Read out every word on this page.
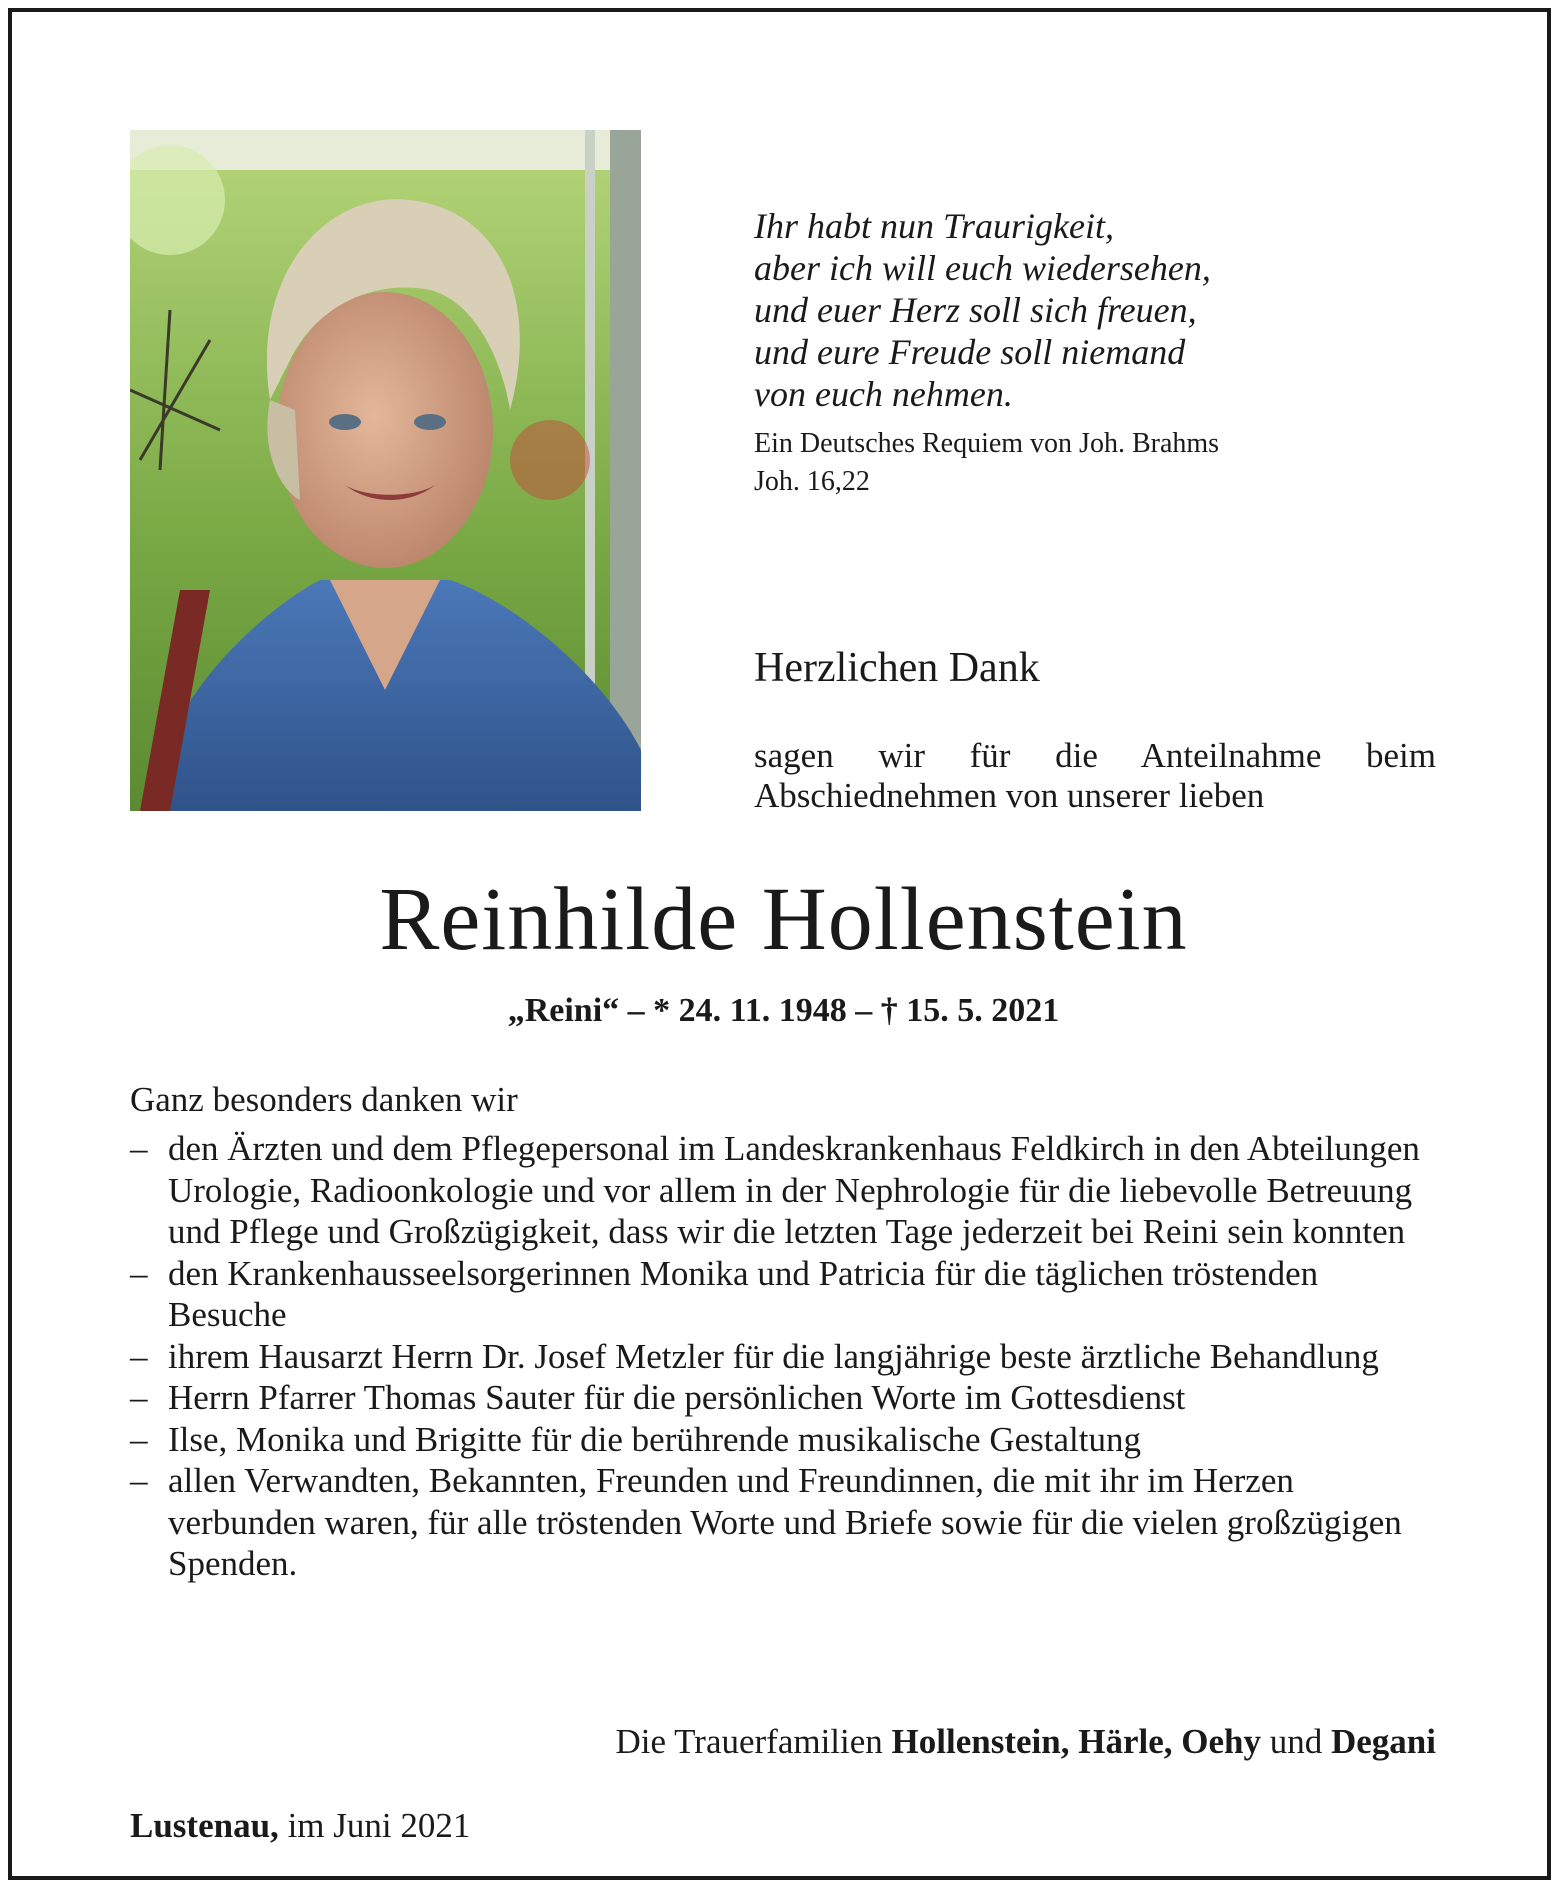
Ihr habt nun Traurigkeit,
aber ich will euch wiedersehen,
und euer Herz soll sich freuen,
und eure Freude soll niemand
von euch nehmen.
Ein Deutsches Requiem von Joh. Brahms
Joh. 16,22
Herzlichen Dank
sagen wir für die Anteilnahme beim
Abschiednehmen von unserer lieben
Reinhilde Hollenstein
„Reini“ – * 24. 11. 1948 – † 15. 5. 2021
Ganz besonders danken wir
– den Ärzten und dem Pflegepersonal im Landeskrankenhaus Feldkirch in den Abteilungen Urologie, Radioonkologie und vor allem in der Nephrologie für die liebevolle Betreuung und Pflege und Großzügigkeit, dass wir die letzten Tage jederzeit bei Reini sein konnten
– den Krankenhausseelsorgerinnen Monika und Patricia für die täglichen tröstenden Besuche
– ihrem Hausarzt Herrn Dr. Josef Metzler für die langjährige beste ärztliche Behandlung
– Herrn Pfarrer Thomas Sauter für die persönlichen Worte im Gottesdienst
– Ilse, Monika und Brigitte für die berührende musikalische Gestaltung
– allen Verwandten, Bekannten, Freunden und Freundinnen, die mit ihr im Herzen verbunden waren, für alle tröstenden Worte und Briefe sowie für die vielen großzügigen Spenden.
Die Trauerfamilien Hollenstein, Härle, Oehy und Degani
Lustenau, im Juni 2021
